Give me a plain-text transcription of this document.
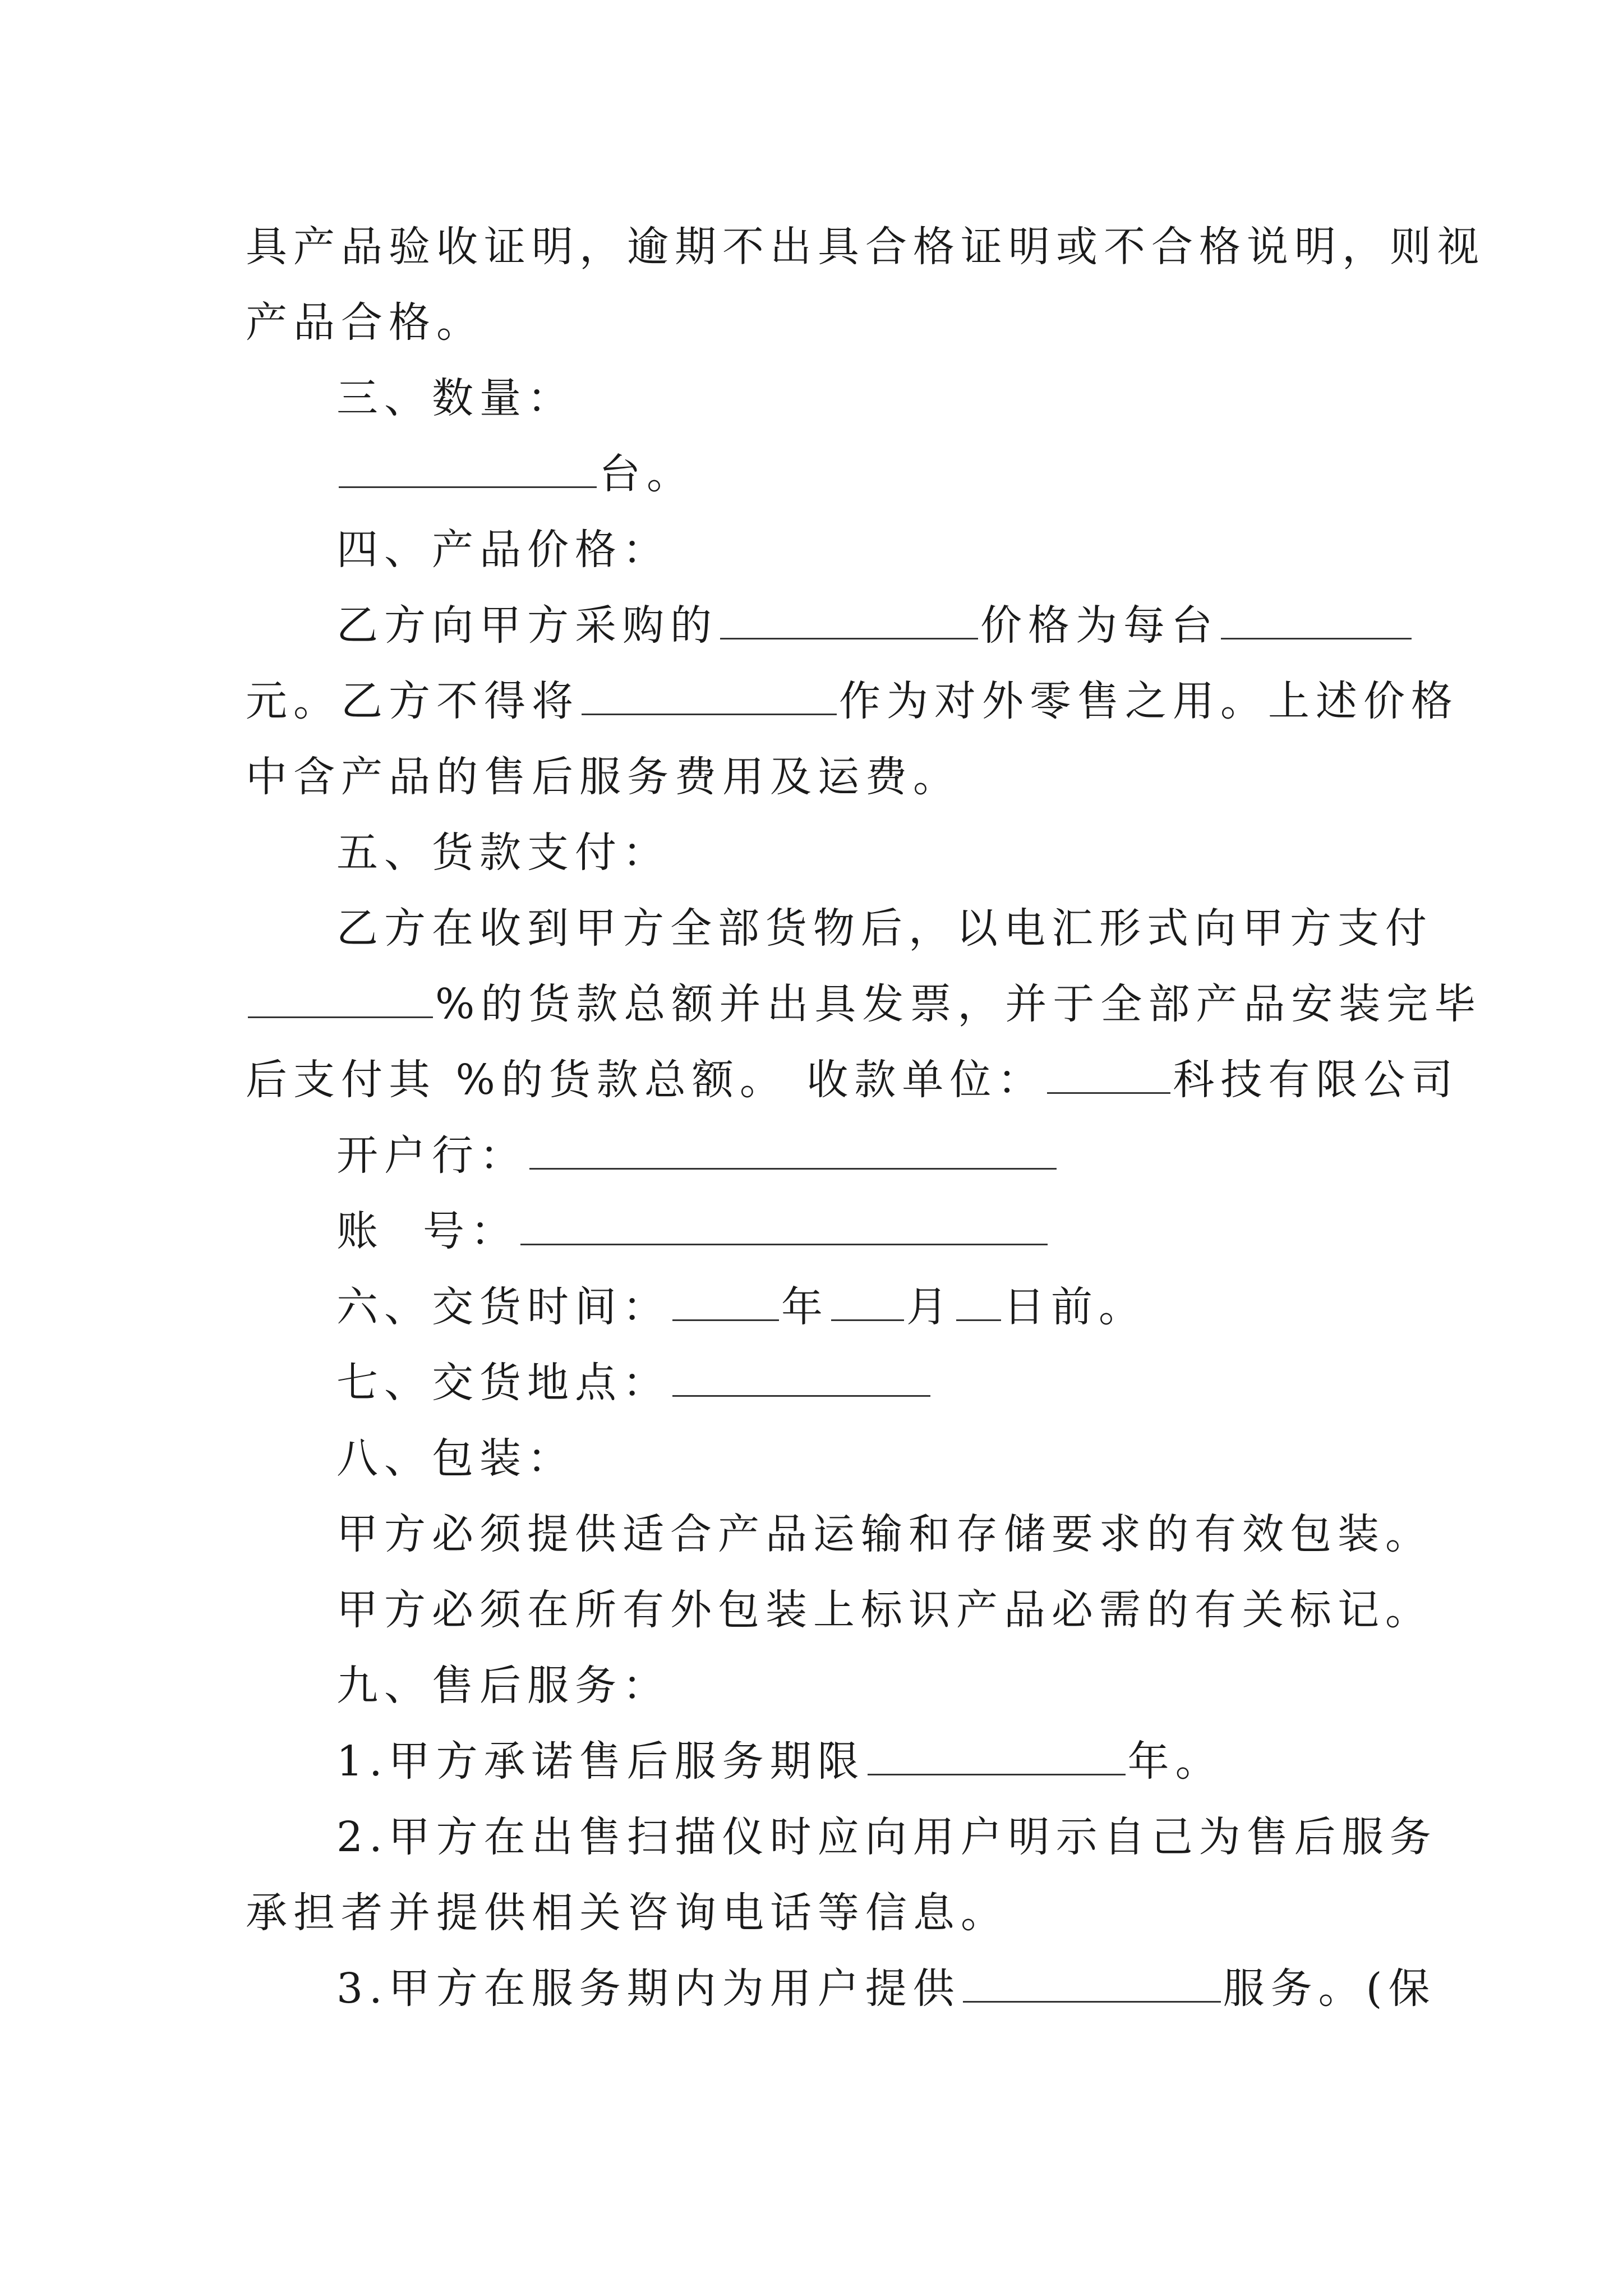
具产品验收证明，逾期不出具合格证明或不合格说明，则视
产品合格。
三、数量：
台。
四、产品价格：
乙方向甲方采购的	价格为每台
元。乙方不得将	作为对外零售之用。上述价格
中含产品的售后服务费用及运费。
五、货款支付：
乙方在收到甲方全部货物后，以电汇形式向甲方支付
%的货款总额并出具发票，并于全部产品安装完毕
后支付其 %的货款总额。 收款单位：	科技有限公司
开户行：
账  号：
六、交货时间：	年 月 日前。
七、交货地点：
八、包装：
甲方必须提供适合产品运输和存储要求的有效包装。
甲方必须在所有外包装上标识产品必需的有关标记。
九、售后服务：
1.甲方承诺售后服务期限	年。
2.甲方在出售扫描仪时应向用户明示自己为售后服务
承担者并提供相关咨询电话等信息。
3.甲方在服务期内为用户提供	服务。(保
